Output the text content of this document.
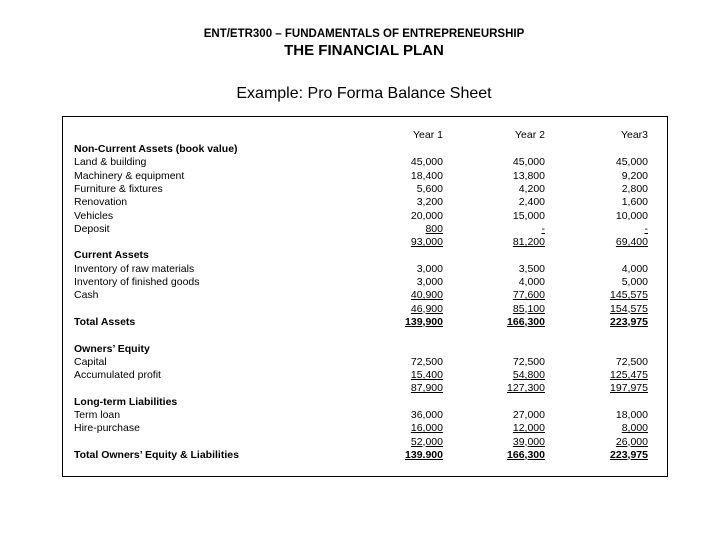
ENT/ETR300 – FUNDAMENTALS OF ENTREPRENEURSHIP
THE FINANCIAL PLAN
Example: Pro Forma Balance Sheet
Year 1	Year 2	Year3
Non-Current Assets (book value)
Land & building	45,000	45,000	45,000
Machinery & equipment	18,400	13,800	9,200
Furniture & fixtures	5,600	4,200	2,800
Renovation	3,200	2,400	1,600
Vehicles	20,000	15,000	10,000
Deposit	800	-	-
93,000	81,200	69,400
Current Assets
Inventory of raw materials	3,000	3,500	4,000
Inventory of finished goods	3,000	4,000	5,000
Cash	40,900	77,600	145,575
46,900	85,100	154,575
Total Assets	139,900	166,300	223,975
Owners’ Equity
Capital	72,500	72,500	72,500
Accumulated profit	15,400	54,800	125,475
87,900	127,300	197,975
Long-term Liabilities
Term loan	36,000	27,000	18,000
Hire-purchase	16,000	12,000	8,000
52,000	39,000	26,000
Total Owners’ Equity & Liabilities	139.900	166,300	223,975
